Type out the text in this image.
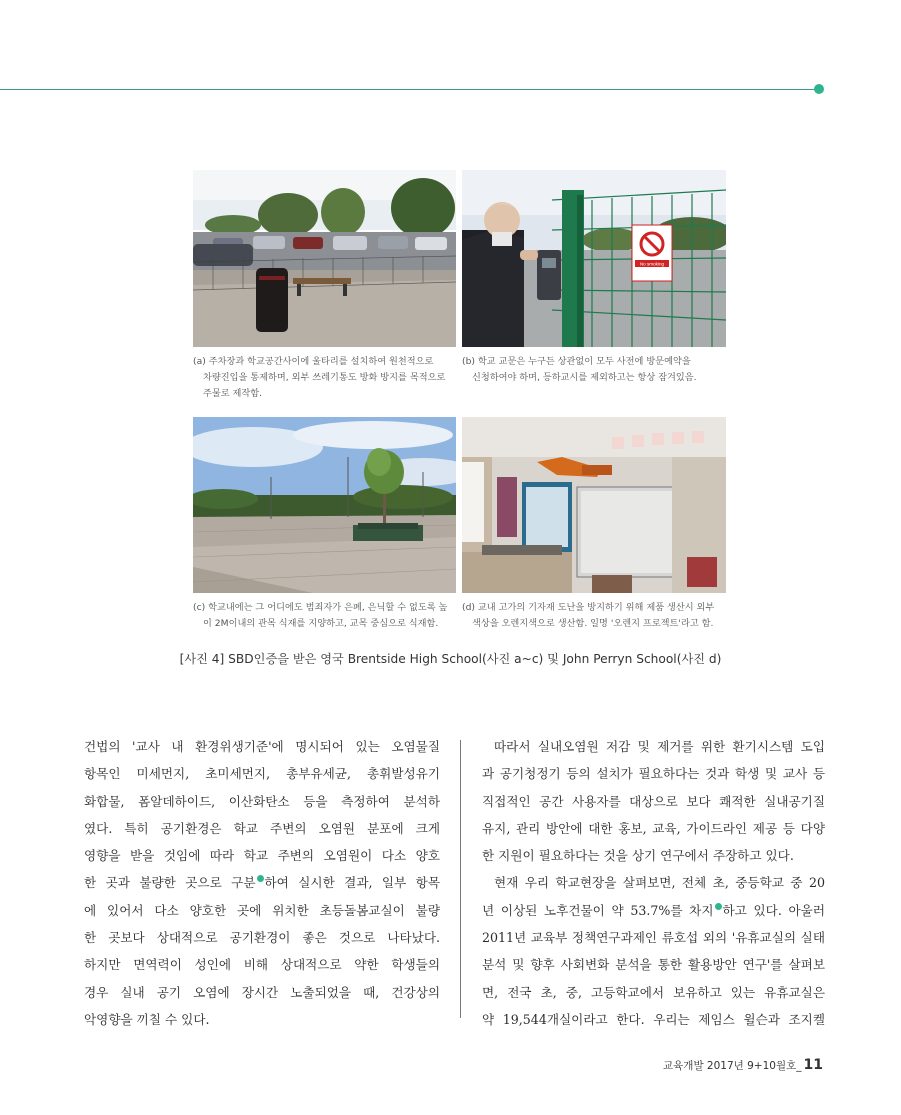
No smoking
(a) 주차장과 학교공간사이에 울타리를 설치하여 원천적으로
차량진입을 통제하며, 외부 쓰레기통도 방화 방지를 목적으로
주물로 제작함.
(b) 학교 교문은 누구든 상관없이 모두 사전에 방문예약을
신청하여야 하며, 등하교시를 제외하고는 항상 잠겨있음.
(c) 학교내에는 그 어디에도 범죄자가 은폐, 은닉할 수 없도록 높
이 2M이내의 관목 식재를 지양하고, 교목 중심으로 식재함.
(d) 교내 고가의 기자재 도난을 방지하기 위해 제품 생산시 외부
색상을 오렌지색으로 생산함. 일명 '오렌지 프로젝트'라고 함.
[사진 4] SBD인증을 받은 영국 Brentside High School(사진 a~c) 및 John Perryn School(사진 d)
건법의 '교사 내 환경위생기준'에 명시되어 있는 오염물질
항목인 미세먼지, 초미세먼지, 총부유세균, 총휘발성유기
화합물, 폼알데하이드, 이산화탄소 등을 측정하여 분석하
였다. 특히 공기환경은 학교 주변의 오염원 분포에 크게
영향을 받을 것임에 따라 학교 주변의 오염원이 다소 양호
한 곳과 불량한 곳으로 구분 하여 실시한 결과, 일부 항목
에 있어서 다소 양호한 곳에 위치한 초등돌봄교실이 불량
한 곳보다 상대적으로 공기환경이 좋은 것으로 나타났다.
하지만 면역력이 성인에 비해 상대적으로 약한 학생들의
경우 실내 공기 오염에 장시간 노출되었을 때, 건강상의
악영향을 끼칠 수 있다.
따라서 실내오염원 저감 및 제거를 위한 환기시스템 도입
과 공기청정기 등의 설치가 필요하다는 것과 학생 및 교사 등
직접적인 공간 사용자를 대상으로 보다 쾌적한 실내공기질
유지, 관리 방안에 대한 홍보, 교육, 가이드라인 제공 등 다양
한 지원이 필요하다는 것을 상기 연구에서 주장하고 있다.
현재 우리 학교현장을 살펴보면, 전체 초, 중등학교 중 20
년 이상된 노후건물이 약 53.7%를 차지 하고 있다. 아울러
2011년 교육부 정책연구과제인 류호섭 외의 '유휴교실의 실태
분석 및 향후 사회변화 분석을 통한 활용방안 연구'를 살펴보
면, 전국 초, 중, 고등학교에서 보유하고 있는 유휴교실은
약 19,544개실이라고 한다. 우리는 제임스 윌슨과 조지켈
교육개발 2017년 9+10월호_ 11
